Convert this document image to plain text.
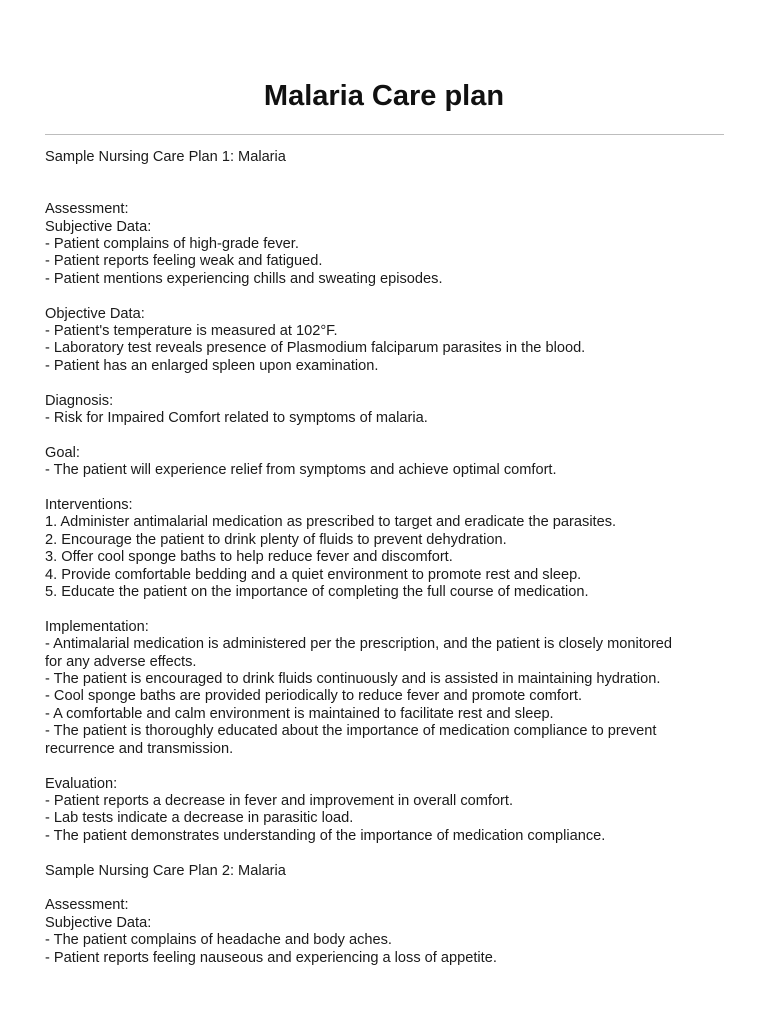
Malaria Care plan

Sample Nursing Care Plan 1: Malaria

Assessment:

Subjective Data:

- Patient complains of high-grade fever.

- Patient reports feeling weak and fatigued.

- Patient mentions experiencing chills and sweating episodes.

Objective Data:

- Patient's temperature is measured at 102°F.

- Laboratory test reveals presence of Plasmodium falciparum parasites in the blood.

- Patient has an enlarged spleen upon examination.

Diagnosis:

- Risk for Impaired Comfort related to symptoms of malaria.

Goal:

- The patient will experience relief from symptoms and achieve optimal comfort.

Interventions:

1. Administer antimalarial medication as prescribed to target and eradicate the parasites.

2. Encourage the patient to drink plenty of fluids to prevent dehydration.

3. Offer cool sponge baths to help reduce fever and discomfort.

4. Provide comfortable bedding and a quiet environment to promote rest and sleep.

5. Educate the patient on the importance of completing the full course of medication.

Implementation:

- Antimalarial medication is administered per the prescription, and the patient is closely monitored

for any adverse effects.

- The patient is encouraged to drink fluids continuously and is assisted in maintaining hydration.

- Cool sponge baths are provided periodically to reduce fever and promote comfort.

- A comfortable and calm environment is maintained to facilitate rest and sleep.

- The patient is thoroughly educated about the importance of medication compliance to prevent

recurrence and transmission.

Evaluation:

- Patient reports a decrease in fever and improvement in overall comfort.

- Lab tests indicate a decrease in parasitic load.

- The patient demonstrates understanding of the importance of medication compliance.

Sample Nursing Care Plan 2: Malaria

Assessment:

Subjective Data:

- The patient complains of headache and body aches.

- Patient reports feeling nauseous and experiencing a loss of appetite.
